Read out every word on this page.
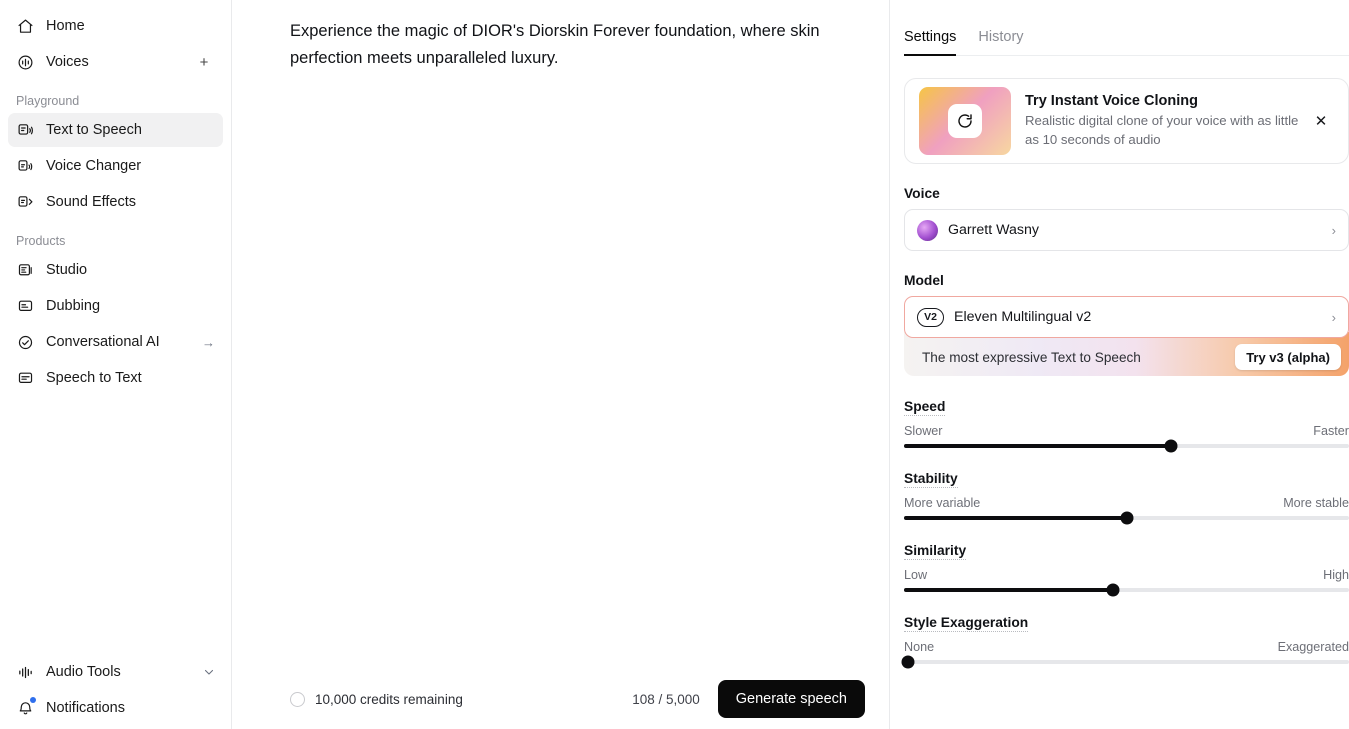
Home
Voices	+
Playground
Text to Speech
Voice Changer
Sound Effects
Products
Studio
Dubbing
Conversational AI	→
Speech to Text
Audio Tools
Notifications
Experience the magic of DIOR's Diorskin Forever foundation, where skin perfection meets unparalleled luxury.
10,000 credits remaining	108 / 5,000	Generate speech
Settings History
Try Instant Voice Cloning
Realistic digital clone of your voice with as little as 10 seconds of audio
✕
Voice
Garrett Wasny	›
Model
V2	Eleven Multilingual v2	›
The most expressive Text to Speech	Try v3 (alpha)
Speed
Slower	Faster
Stability
More variable	More stable
Similarity
Low	High
Style Exaggeration
None	Exaggerated
